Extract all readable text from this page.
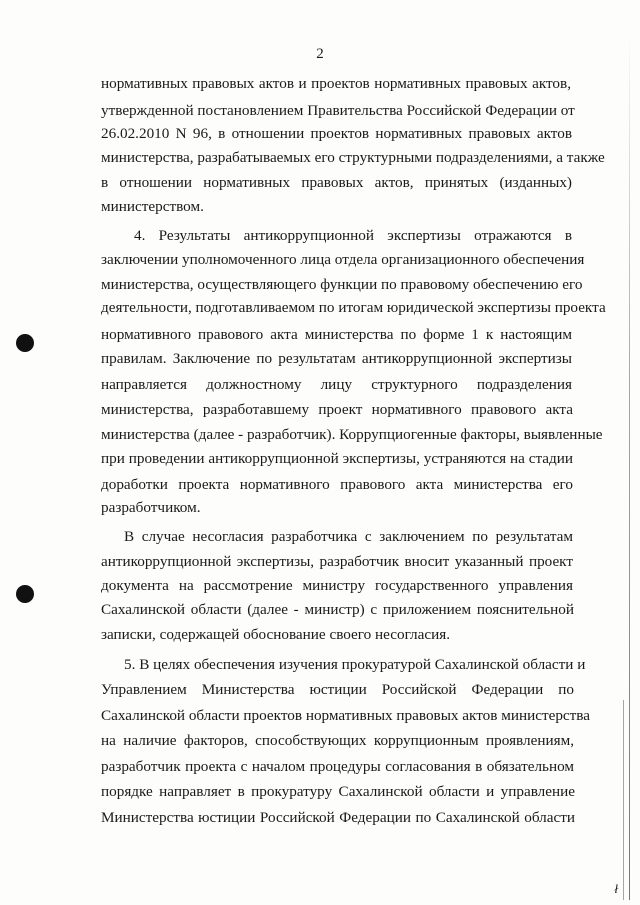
2
ł
нормативных правовых актов и проектов нормативных правовых актов,
утвержденной постановлением Правительства Российской Федерации от
26.02.2010 N 96, в отношении проектов нормативных правовых актов
министерства, разрабатываемых его структурными подразделениями, а также
в отношении нормативных правовых актов, принятых (изданных)
министерством.
4. Результаты антикоррупционной экспертизы отражаются в
заключении уполномоченного лица отдела организационного обеспечения
министерства, осуществляющего функции по правовому обеспечению его
деятельности, подготавливаемом по итогам юридической экспертизы проекта
нормативного правового акта министерства по форме 1 к настоящим
правилам. Заключение по результатам антикоррупционной экспертизы
направляется должностному лицу структурного подразделения
министерства, разработавшему проект нормативного правового акта
министерства (далее - разработчик). Коррупциогенные факторы, выявленные
при проведении антикоррупционной экспертизы, устраняются на стадии
доработки проекта нормативного правового акта министерства его
разработчиком.
В случае несогласия разработчика с заключением по результатам
антикоррупционной экспертизы, разработчик вносит указанный проект
документа на рассмотрение министру государственного управления
Сахалинской области (далее - министр) с приложением пояснительной
записки, содержащей обоснование своего несогласия.
5. В целях обеспечения изучения прокуратурой Сахалинской области и
Управлением Министерства юстиции Российской Федерации по
Сахалинской области проектов нормативных правовых актов министерства
на наличие факторов, способствующих коррупционным проявлениям,
разработчик проекта с началом процедуры согласования в обязательном
порядке направляет в прокуратуру Сахалинской области и управление
Министерства юстиции Российской Федерации по Сахалинской области
